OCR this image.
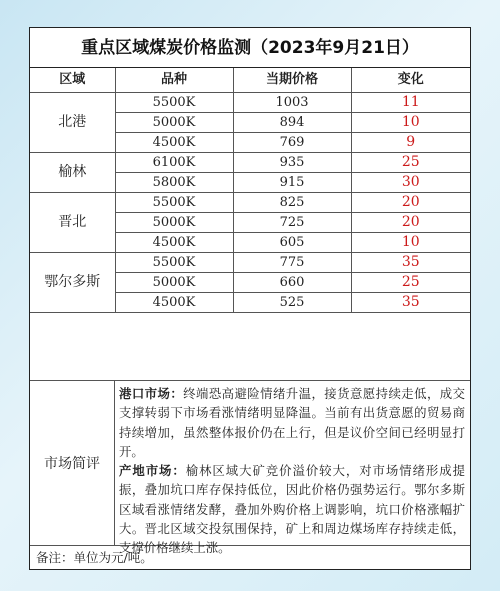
重点区域煤炭价格监测（2023年9月21日）
区域	品种	当期价格	变化
北港	5500K	1003	11
	5000K	894	10
	4500K	769	9
榆林	6100K	935	25
	5800K	915	30
晋北	5500K	825	20
	5000K	725	20
	4500K	605	10
鄂尔多斯	5500K	775	35
	5000K	660	25
	4500K	525	35
市场简评

港口市场：终端恐高避险情绪升温，接货意愿持续走低，成交支撑转弱下市场看涨情绪明显降温。当前有出货意愿的贸易商持续增加，虽然整体报价仍在上行，但是议价空间已经明显打开。

产地市场：榆林区域大矿竞价溢价较大，对市场情绪形成提振，叠加坑口库存保持低位，因此价格仍强势运行。鄂尔多斯区域看涨情绪发酵，叠加外购价格上调影响，坑口价格涨幅扩大。晋北区域交投氛围保持，矿上和周边煤场库存持续走低，支撑价格继续上涨。

备注：单位为元/吨。
